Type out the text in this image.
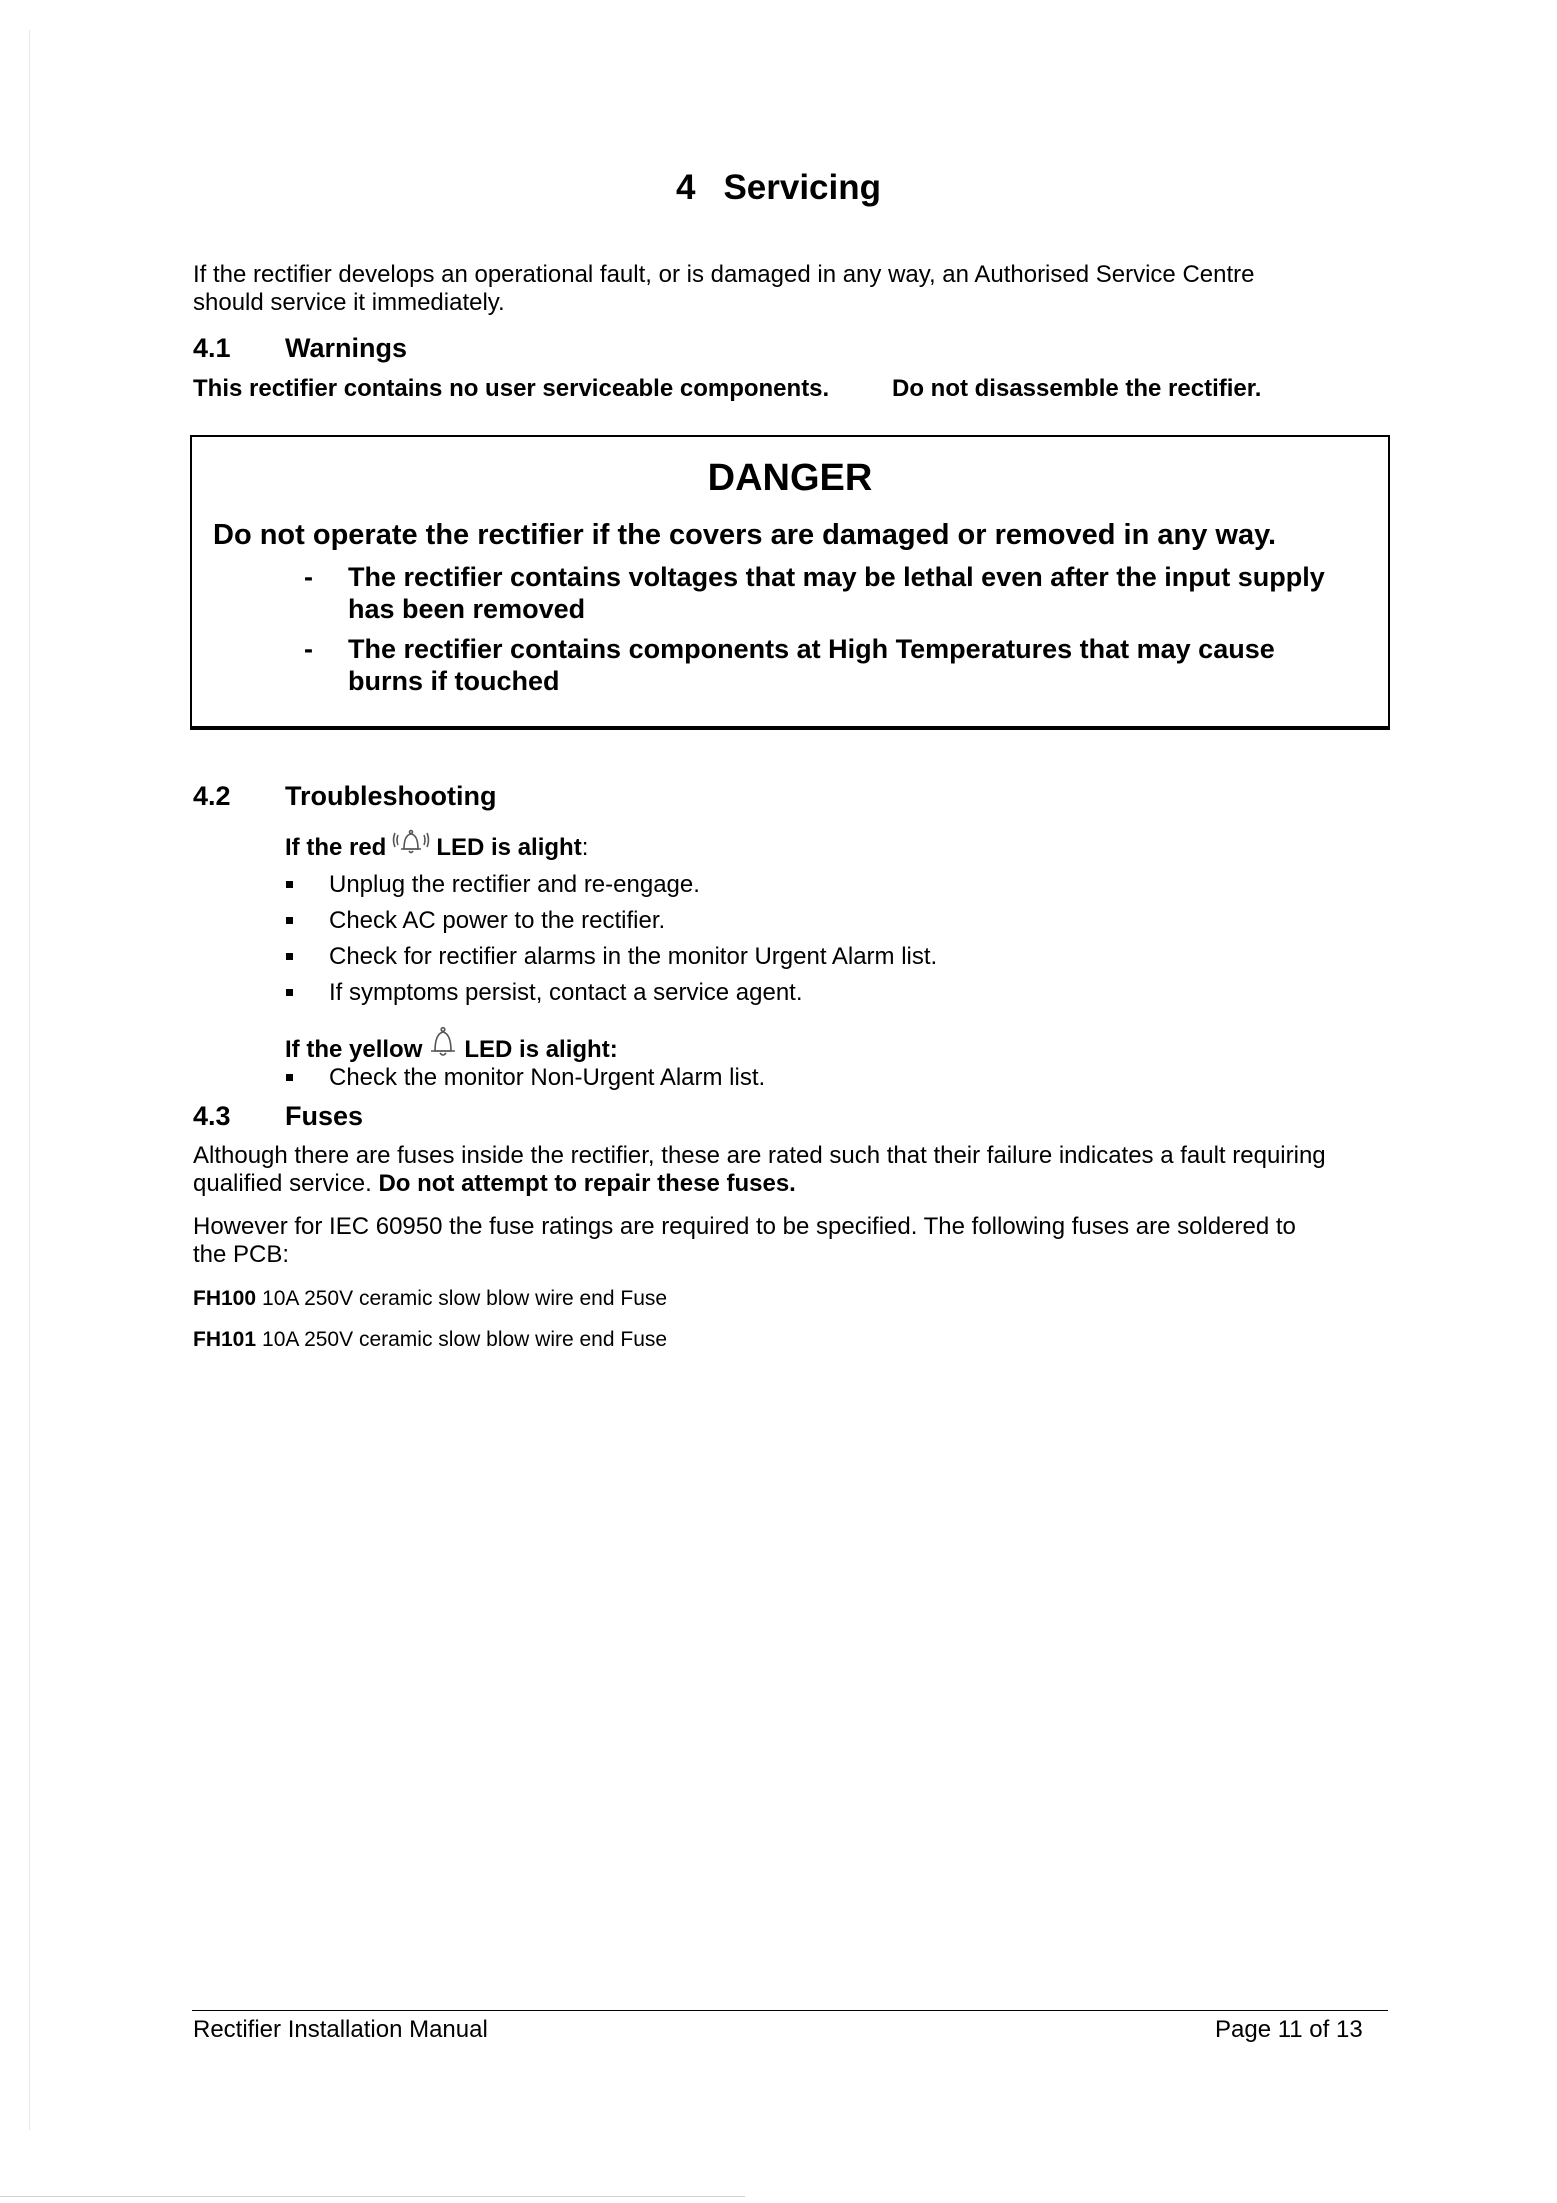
4 Servicing
If the rectifier develops an operational fault, or is damaged in any way, an Authorised Service Centre
should service it immediately.
4.1 Warnings
This rectifier contains no user serviceable components.	Do not disassemble the rectifier.
DANGER
Do not operate the rectifier if the covers are damaged or removed in any way.
- The rectifier contains voltages that may be lethal even after the input supply
has been removed
- The rectifier contains components at High Temperatures that may cause
burns if touched
4.2 Troubleshooting
If the red LED is alight:
Unplug the rectifier and re-engage.
Check AC power to the rectifier.
Check for rectifier alarms in the monitor Urgent Alarm list.
If symptoms persist, contact a service agent.
If the yellow LED is alight:
Check the monitor Non-Urgent Alarm list.
4.3 Fuses
Although there are fuses inside the rectifier, these are rated such that their failure indicates a fault requiring
qualified service. Do not attempt to repair these fuses.
However for IEC 60950 the fuse ratings are required to be specified. The following fuses are soldered to
the PCB:
FH100 10A 250V ceramic slow blow wire end Fuse
FH101 10A 250V ceramic slow blow wire end Fuse
Rectifier Installation Manual	Page 11 of 13
